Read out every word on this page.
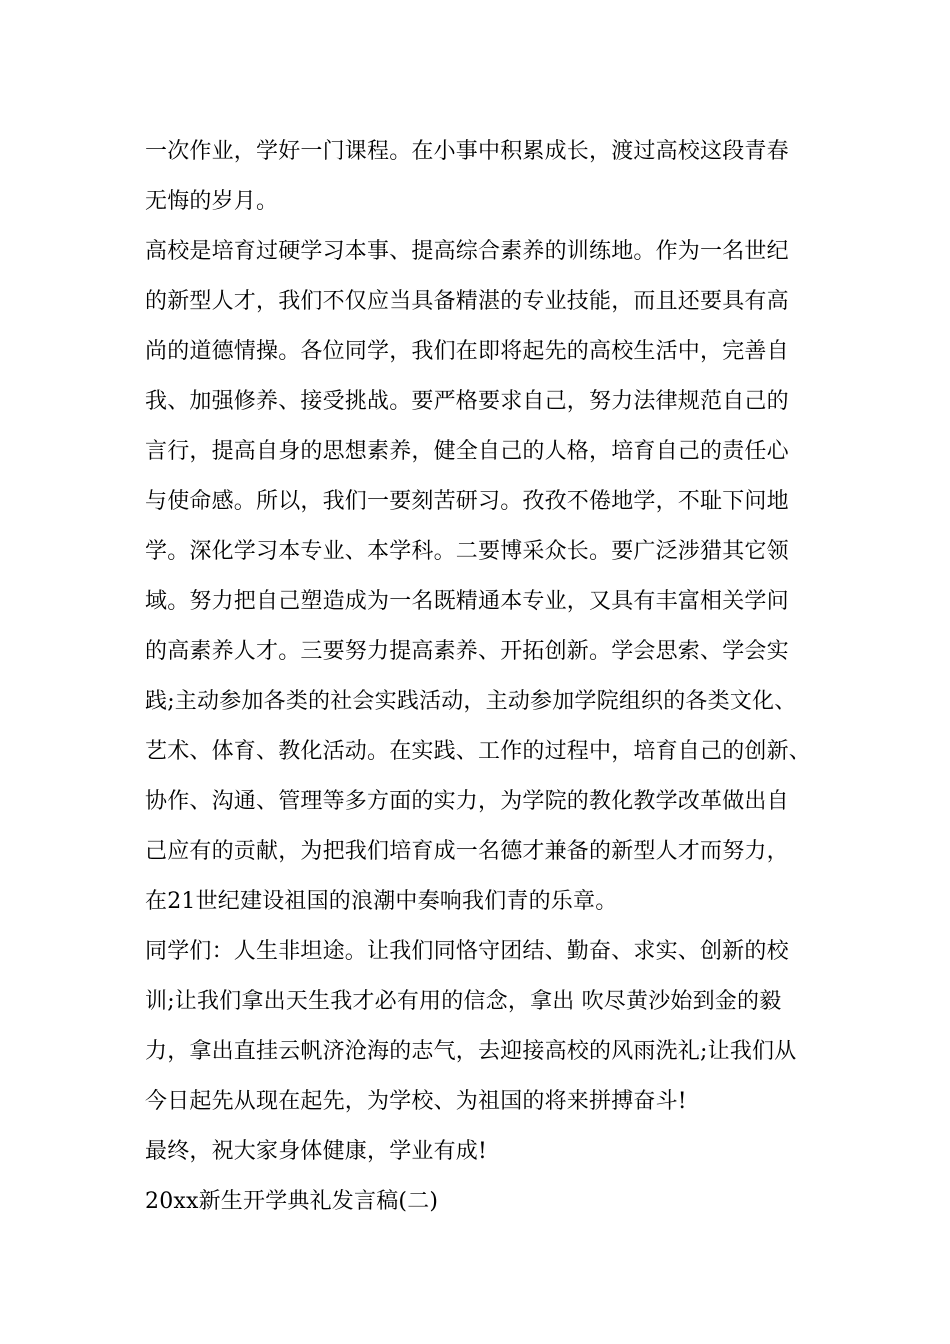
一次作业，学好一门课程。在小事中积累成长，渡过高校这段青春

无悔的岁月。

高校是培育过硬学习本事、提高综合素养的训练地。作为一名世纪

的新型人才，我们不仅应当具备精湛的专业技能，而且还要具有高

尚的道德情操。各位同学，我们在即将起先的高校生活中，完善自

我、加强修养、接受挑战。要严格要求自己，努力法律规范自己的

言行，提高自身的思想素养，健全自己的人格，培育自己的责任心

与使命感。所以，我们一要刻苦研习。孜孜不倦地学，不耻下问地

学。深化学习本专业、本学科。二要博采众长。要广泛涉猎其它领

域。努力把自己塑造成为一名既精通本专业，又具有丰富相关学问

的高素养人才。三要努力提高素养、开拓创新。学会思索、学会实

践;主动参加各类的社会实践活动，主动参加学院组织的各类文化、

艺术、体育、教化活动。在实践、工作的过程中，培育自己的创新、

协作、沟通、管理等多方面的实力，为学院的教化教学改革做出自

己应有的贡献，为把我们培育成一名德才兼备的新型人才而努力，

在21世纪建设祖国的浪潮中奏响我们青的乐章。

同学们：人生非坦途。让我们同恪守团结、勤奋、求实、创新的校

训;让我们拿出天生我才必有用的信念，拿出 吹尽黄沙始到金的毅

力，拿出直挂云帆济沧海的志气，去迎接高校的风雨洗礼;让我们从

今日起先从现在起先，为学校、为祖国的将来拼搏奋斗!

最终，祝大家身体健康，学业有成!

20xx新生开学典礼发言稿(二)
